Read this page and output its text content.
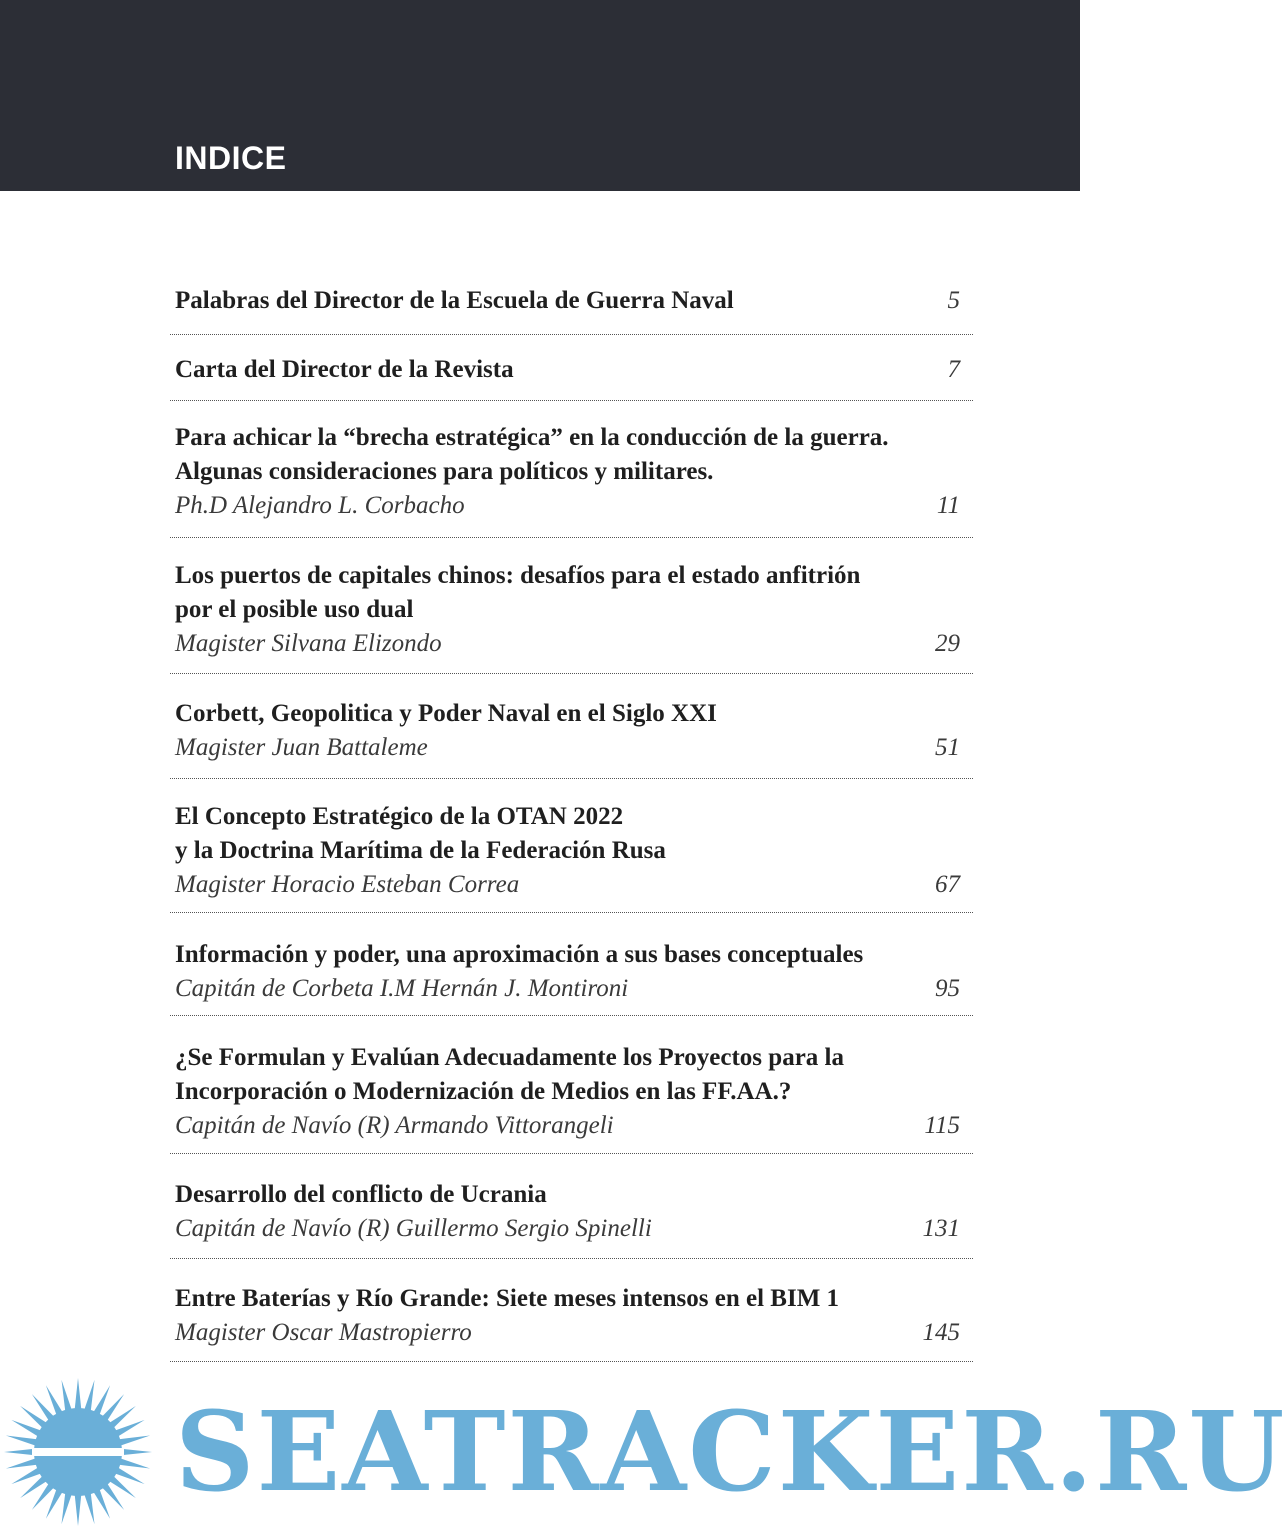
INDICE
Palabras del Director de la Escuela de Guerra Naval	5
Carta del Director de la Revista	7
Para achicar la “brecha estratégica” en la conducción de la guerra.
Algunas consideraciones para políticos y militares.
Ph.D Alejandro L. Corbacho	11
Los puertos de capitales chinos: desafíos para el estado anfitrión
por el posible uso dual
Magister Silvana Elizondo	29
Corbett, Geopolitica y Poder Naval en el Siglo XXI
Magister Juan Battaleme	51
El Concepto Estratégico de la OTAN 2022
y la Doctrina Marítima de la Federación Rusa
Magister Horacio Esteban Correa	67
Información y poder, una aproximación a sus bases conceptuales
Capitán de Corbeta I.M Hernán J. Montironi	95
¿Se Formulan y Evalúan Adecuadamente los Proyectos para la
Incorporación o Modernización de Medios en las FF.AA.?
Capitán de Navío (R) Armando Vittorangeli	115
Desarrollo del conflicto de Ucrania
Capitán de Navío (R) Guillermo Sergio Spinelli	131
Entre Baterías y Río Grande: Siete meses intensos en el BIM 1
Magister Oscar Mastropierro	145
SEATRACKER.RU
